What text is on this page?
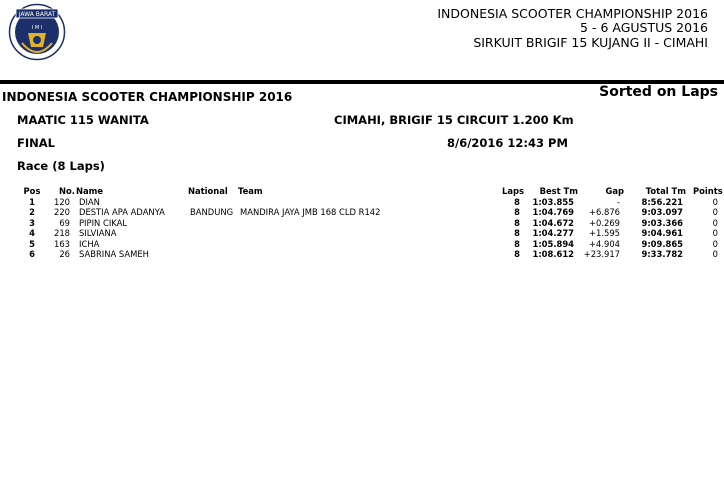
JAWA BARAT
I M I
INDONESIA SCOOTER CHAMPIONSHIP 2016
5 - 6 AGUSTUS 2016
SIRKUIT BRIGIF 15 KUJANG II - CIMAHI
INDONESIA SCOOTER CHAMPIONSHIP 2016	Sorted on Laps
MAATIC 115 WANITA	CIMAHI, BRIGIF 15 CIRCUIT 1.200 Km
FINAL	8/6/2016 12:43 PM
Race (8 Laps)
Pos No. Name	National Team	Laps	Best Tm	Gap	Total Tm Points
1	120 DIAN	8 1:03.855	-	8:56.221	0
2	220 DESTIA APA ADANYA	BANDUNG MANDIRA JAYA JMB 168 CLD R142	8 1:04.769	+6.876	9:03.097	0
3	69 PIPIN CIKAL	8 1:04.672	+0.269	9:03.366	0
4	218 SILVIANA	8 1:04.277	+1.595	9:04.961	0
5	163 ICHA	8 1:05.894	+4.904	9:09.865	0
6	26 SABRINA SAMEH	8 1:08.612	+23.917	9:33.782	0
